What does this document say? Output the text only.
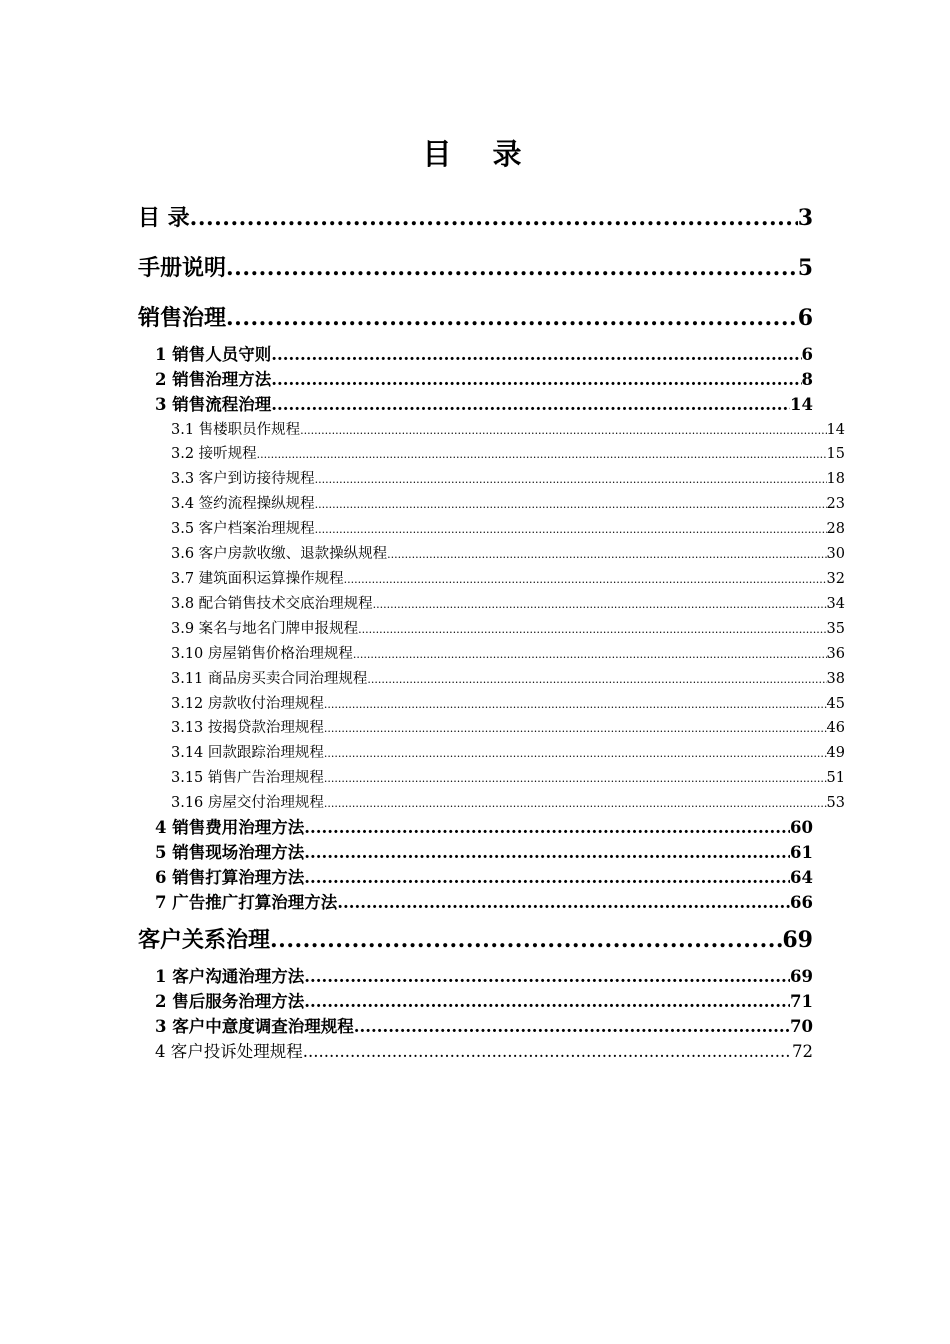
目　录
目 录 .....	3
手册说明 .....	5
销售治理 .....	6
1 销售人员守则 .....	6
2 销售治理方法 .....	8
3 销售流程治理 .....	14
3.1 售楼职员作规程 .....	14
3.2 接听规程 .....	15
3.3 客户到访接待规程 .....	18
3.4 签约流程操纵规程 .....	23
3.5 客户档案治理规程 .....	28
3.6 客户房款收缴、退款操纵规程 .....	30
3.7 建筑面积运算操作规程 .....	32
3.8 配合销售技术交底治理规程 .....	34
3.9 案名与地名门牌申报规程 .....	35
3.10 房屋销售价格治理规程 .....	36
3.11 商品房买卖合同治理规程 .....	38
3.12 房款收付治理规程 .....	45
3.13 按揭贷款治理规程 .....	46
3.14 回款跟踪治理规程 .....	49
3.15 销售广告治理规程 .....	51
3.16 房屋交付治理规程 .....	53
4 销售费用治理方法 .....	60
5 销售现场治理方法 .....	61
6 销售打算治理方法 .....	64
7 广告推广打算治理方法 .....	66
客户关系治理 .....	69
1 客户沟通治理方法 .....	69
2 售后服务治理方法 .....	71
3 客户中意度调查治理规程 .....	70
4 客户投诉处理规程 .....	72
